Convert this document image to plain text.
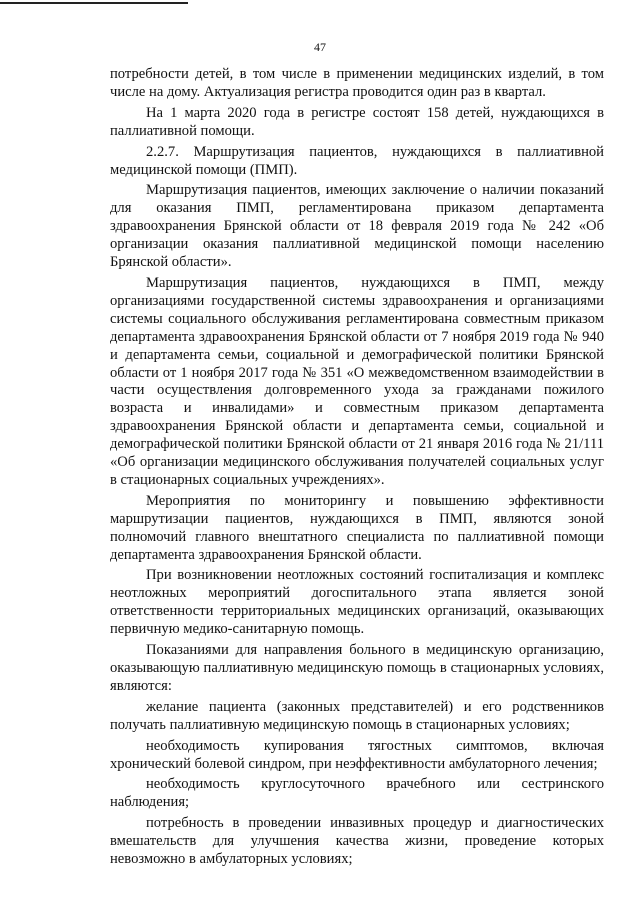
47

потребности детей, в том числе в применении медицинских изделий, в том числе на дому. Актуализация регистра проводится один раз в квартал.

На 1 марта 2020 года в регистре состоят 158 детей, нуждающихся в паллиативной помощи.

2.2.7. Маршрутизация пациентов, нуждающихся в паллиативной медицинской помощи (ПМП).

Маршрутизация пациентов, имеющих заключение о наличии показаний для оказания ПМП, регламентирована приказом департамента здравоохранения Брянской области от 18 февраля 2019 года № 242 «Об организации оказания паллиативной медицинской помощи населению Брянской области».

Маршрутизация пациентов, нуждающихся в ПМП, между организациями государственной системы здравоохранения и организациями системы социального обслуживания регламентирована совместным приказом департамента здравоохранения Брянской области от 7 ноября 2019 года № 940 и департамента семьи, социальной и демографической политики Брянской области от 1 ноября 2017 года № 351 «О межведомственном взаимодействии в части осуществления долговременного ухода за гражданами пожилого возраста и инвалидами» и совместным приказом департамента здравоохранения Брянской области и департамента семьи, социальной и демографической политики Брянской области от 21 января 2016 года № 21/111 «Об организации медицинского обслуживания получателей социальных услуг в стационарных социальных учреждениях».

Мероприятия по мониторингу и повышению эффективности маршрутизации пациентов, нуждающихся в ПМП, являются зоной полномочий главного внештатного специалиста по паллиативной помощи департамента здравоохранения Брянской области.

При возникновении неотложных состояний госпитализация и комплекс неотложных мероприятий догоспитального этапа является зоной ответственности территориальных медицинских организаций, оказывающих первичную медико-санитарную помощь.

Показаниями для направления больного в медицинскую организацию, оказывающую паллиативную медицинскую помощь в стационарных условиях, являются:

желание пациента (законных представителей) и его родственников получать паллиативную медицинскую помощь в стационарных условиях;

необходимость купирования тягостных симптомов, включая хронический болевой синдром, при неэффективности амбулаторного лечения;

необходимость круглосуточного врачебного или сестринского наблюдения;

потребность в проведении инвазивных процедур и диагностических вмешательств для улучшения качества жизни, проведение которых невозможно в амбулаторных условиях;
